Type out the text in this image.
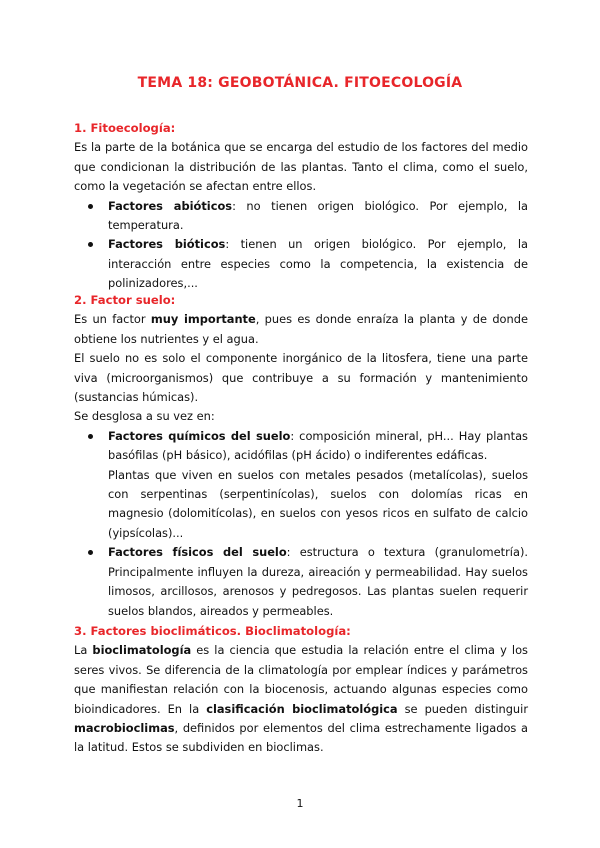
TEMA 18: GEOBOTÁNICA. FITOECOLOGÍA

1. Fitoecología:

Es la parte de la botánica que se encarga del estudio de los factores del medio que condicionan la distribución de las plantas. Tanto el clima, como el suelo, como la vegetación se afectan entre ellos.

Factores abióticos: no tienen origen biológico. Por ejemplo, la temperatura.
Factores bióticos: tienen un origen biológico. Por ejemplo, la interacción entre especies como la competencia, la existencia de polinizadores,...

2. Factor suelo:

Es un factor muy importante, pues es donde enraíza la planta y de donde obtiene los nutrientes y el agua.

El suelo no es solo el componente inorgánico de la litosfera, tiene una parte viva (microorganismos) que contribuye a su formación y mantenimiento (sustancias húmicas).

Se desglosa a su vez en:

Factores químicos del suelo: composición mineral, pH... Hay plantas basófilas (pH básico), acidófilas (pH ácido) o indiferentes edáficas.
Plantas que viven en suelos con metales pesados (metalícolas), suelos con serpentinas (serpentinícolas), suelos con dolomías ricas en magnesio (dolomitícolas), en suelos con yesos ricos en sulfato de calcio (yipsícolas)...
Factores físicos del suelo: estructura o textura (granulometría). Principalmente influyen la dureza, aireación y permeabilidad. Hay suelos limosos, arcillosos, arenosos y pedregosos. Las plantas suelen requerir suelos blandos, aireados y permeables.

3. Factores bioclimáticos. Bioclimatología:

La bioclimatología es la ciencia que estudia la relación entre el clima y los seres vivos. Se diferencia de la climatología por emplear índices y parámetros que manifiestan relación con la biocenosis, actuando algunas especies como bioindicadores. En la clasificación bioclimatológica se pueden distinguir macrobioclimas, definidos por elementos del clima estrechamente ligados a la latitud. Estos se subdividen en bioclimas.

1
